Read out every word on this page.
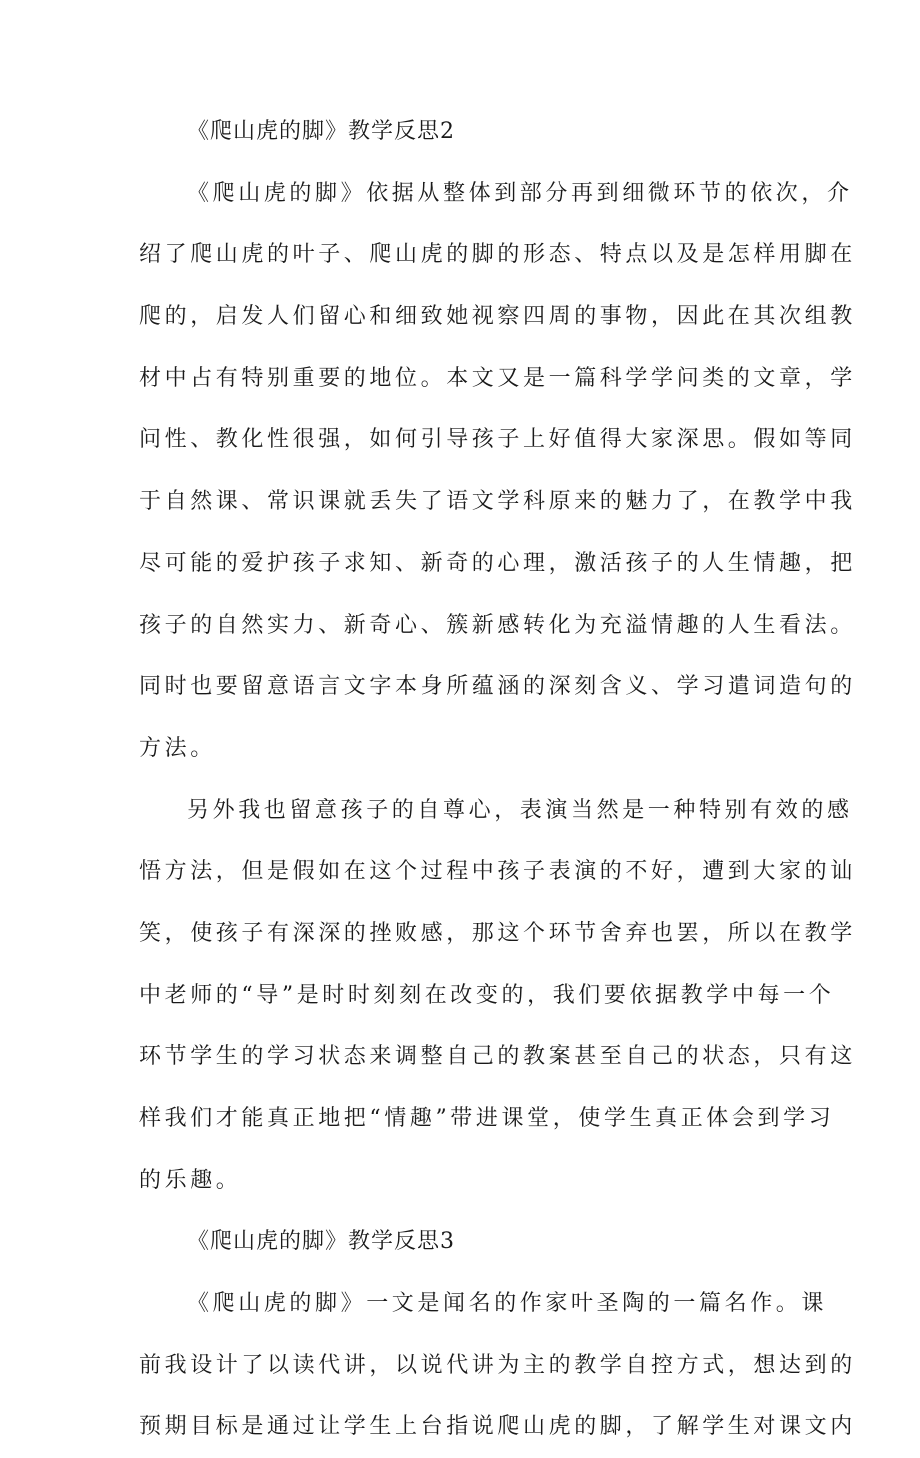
《爬山虎的脚》教学反思2
《爬山虎的脚》依据从整体到部分再到细微环节的依次，介
绍了爬山虎的叶子、爬山虎的脚的形态、特点以及是怎样用脚在
爬的，启发人们留心和细致她视察四周的事物，因此在其次组教
材中占有特别重要的地位。本文又是一篇科学学问类的文章，学
问性、教化性很强，如何引导孩子上好值得大家深思。假如等同
于自然课、常识课就丢失了语文学科原来的魅力了，在教学中我
尽可能的爱护孩子求知、新奇的心理，激活孩子的人生情趣，把
孩子的自然实力、新奇心、簇新感转化为充溢情趣的人生看法。
同时也要留意语言文字本身所蕴涵的深刻含义、学习遣词造句的
方法。
另外我也留意孩子的自尊心，表演当然是一种特别有效的感
悟方法，但是假如在这个过程中孩子表演的不好，遭到大家的讪
笑，使孩子有深深的挫败感，那这个环节舍弃也罢，所以在教学
中老师的“导”是时时刻刻在改变的，我们要依据教学中每一个
环节学生的学习状态来调整自己的教案甚至自己的状态，只有这
样我们才能真正地把“情趣”带进课堂，使学生真正体会到学习
的乐趣。
《爬山虎的脚》教学反思3
《爬山虎的脚》一文是闻名的作家叶圣陶的一篇名作。课
前我设计了以读代讲，以说代讲为主的教学自控方式，想达到的
预期目标是通过让学生上台指说爬山虎的脚，了解学生对课文内
